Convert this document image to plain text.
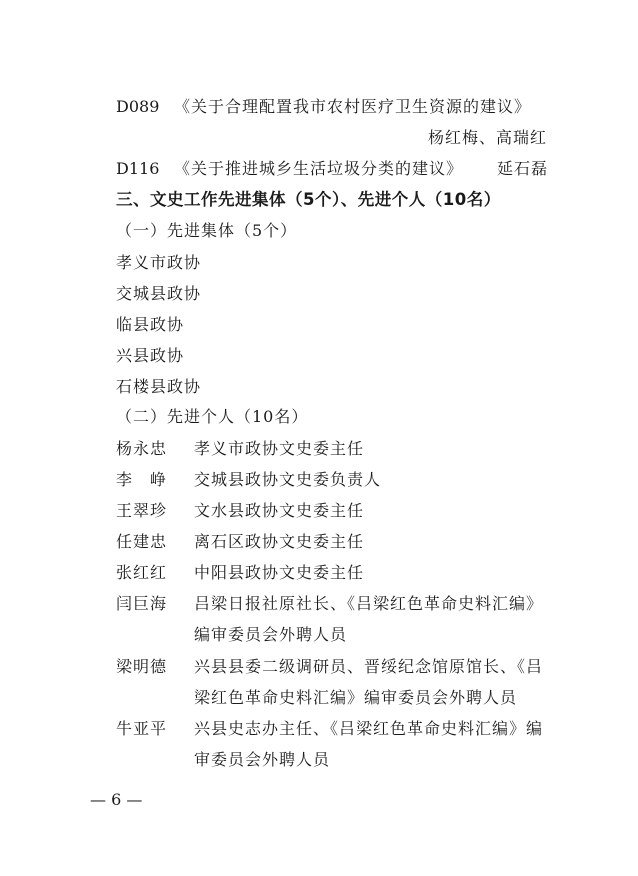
D089 《关于合理配置我市农村医疗卫生资源的建议》
杨红梅、高瑞红
D116 《关于推进城乡生活垃圾分类的建议》 延石磊
三、文史工作先进集体（5个）、先进个人（10名）
（一）先进集体（5个）
孝义市政协
交城县政协
临县政协
兴县政协
石楼县政协
（二）先进个人（10名）
杨永忠 孝义市政协文史委主任
李　峥 交城县政协文史委负责人
王翠珍 文水县政协文史委主任
任建忠 离石区政协文史委主任
张红红 中阳县政协文史委主任
闫巨海 吕梁日报社原社长、《吕梁红色革命史料汇编》
编审委员会外聘人员
梁明德 兴县县委二级调研员、晋绥纪念馆原馆长、《吕
梁红色革命史料汇编》编审委员会外聘人员
牛亚平 兴县史志办主任、《吕梁红色革命史料汇编》编
审委员会外聘人员
— 6 —
